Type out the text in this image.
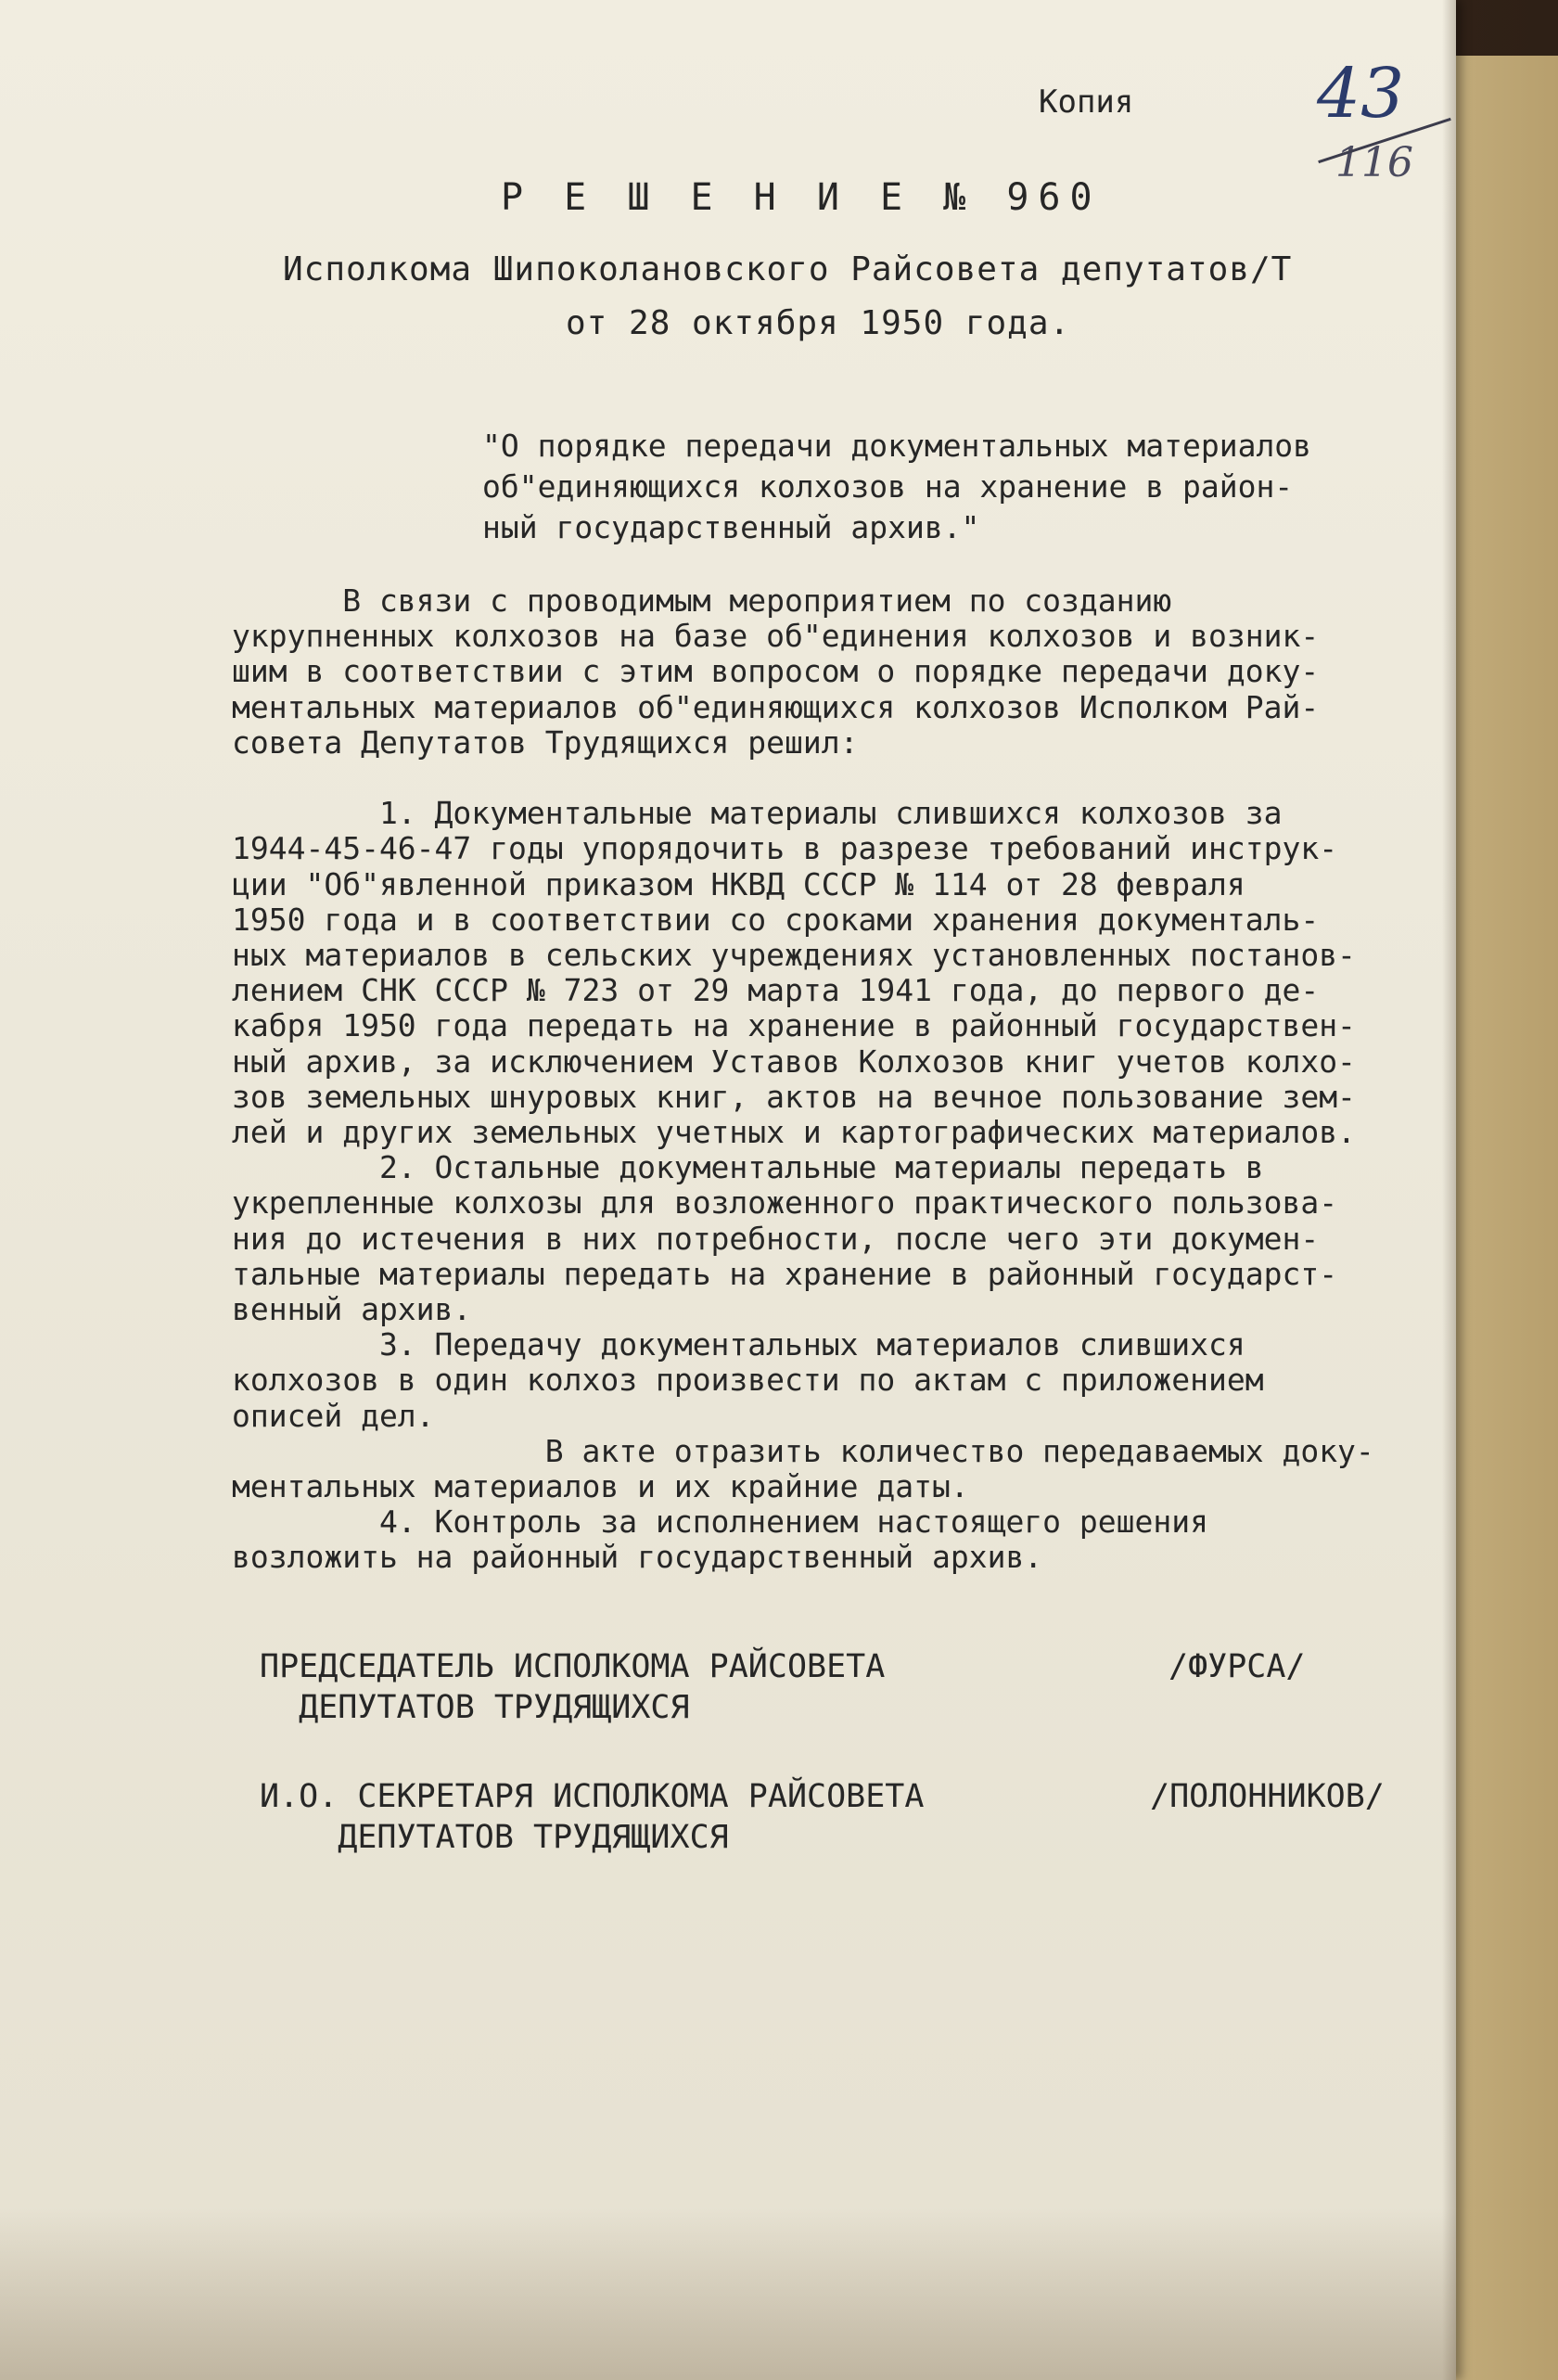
Копия	43

116

Р Е Ш Е Н И Е № 960

Исполкома Шипоколановского Райсовета депутатов/Т

от 28 октября 1950 года.

"О порядке передачи документальных материалов

об"единяющихся колхозов на хранение в район-

ный государственный архив."

В связи с проводимым мероприятием по созданию

укрупненных колхозов на базе об"единения колхозов и возник-

шим в соответствии с этим вопросом о порядке передачи доку-

ментальных материалов об"единяющихся колхозов Исполком Рай-

совета Депутатов Трудящихся решил:

1. Документальные материалы слившихся колхозов за

1944-45-46-47 годы упорядочить в разрезе требований инструк-

ции "Об"явленной приказом НКВД СССР № 114 от 28 февраля

1950 года и в соответствии со сроками хранения документаль-

ных материалов в сельских учреждениях установленных постанов-

лением СНК СССР № 723 от 29 марта 1941 года, до первого де-

кабря 1950 года передать на хранение в районный государствен-

ный архив, за исключением Уставов Колхозов книг учетов колхо-

зов земельных шнуровых книг, актов на вечное пользование зем-

лей и других земельных учетных и картографических материалов.

2. Остальные документальные материалы передать в

укрепленные колхозы для возложенного практического пользова-

ния до истечения в них потребности, после чего эти докумен-

тальные материалы передать на хранение в районный государст-

венный архив.

3. Передачу документальных материалов слившихся

колхозов в один колхоз произвести по актам с приложением

описей дел.

В акте отразить количество передаваемых доку-

ментальных материалов и их крайние даты.

4. Контроль за исполнением настоящего решения

возложить на районный государственный архив.

ПРЕДСЕДАТЕЛЬ ИСПОЛКОМА РАЙСОВЕТА

ДЕПУТАТОВ ТРУДЯЩИХСЯ

/ФУРСА/

И.О. СЕКРЕТАРЯ ИСПОЛКОМА РАЙСОВЕТА

ДЕПУТАТОВ ТРУДЯЩИХСЯ

/ПОЛОННИКОВ/
